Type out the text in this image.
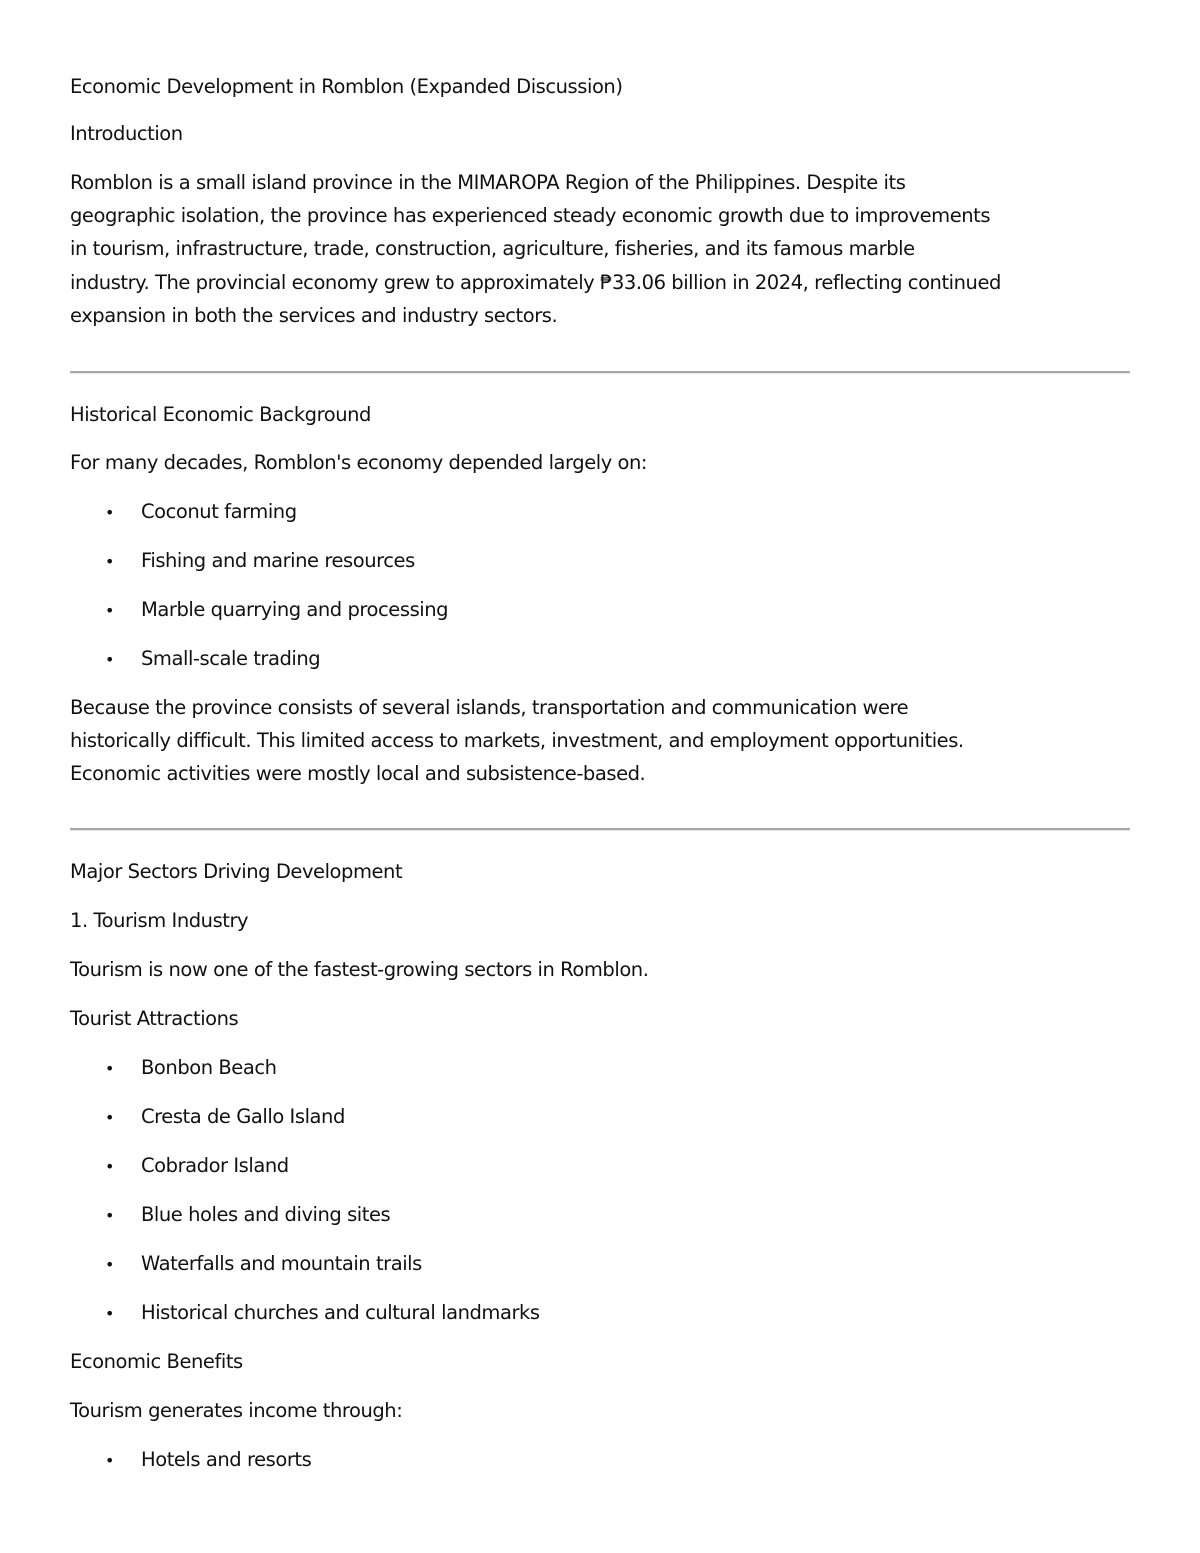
Economic Development in Romblon (Expanded Discussion)
Introduction
Romblon is a small island province in the MIMAROPA Region of the Philippines. Despite its
geographic isolation, the province has experienced steady economic growth due to improvements
in tourism, infrastructure, trade, construction, agriculture, fisheries, and its famous marble
industry. The provincial economy grew to approximately ₱33.06 billion in 2024, reflecting continued
expansion in both the services and industry sectors.
Historical Economic Background
For many decades, Romblon's economy depended largely on:
• Coconut farming
• Fishing and marine resources
• Marble quarrying and processing
• Small-scale trading
Because the province consists of several islands, transportation and communication were
historically difficult. This limited access to markets, investment, and employment opportunities.
Economic activities were mostly local and subsistence-based.
Major Sectors Driving Development
1. Tourism Industry
Tourism is now one of the fastest-growing sectors in Romblon.
Tourist Attractions
• Bonbon Beach
• Cresta de Gallo Island
• Cobrador Island
• Blue holes and diving sites
• Waterfalls and mountain trails
• Historical churches and cultural landmarks
Economic Benefits
Tourism generates income through:
• Hotels and resorts
